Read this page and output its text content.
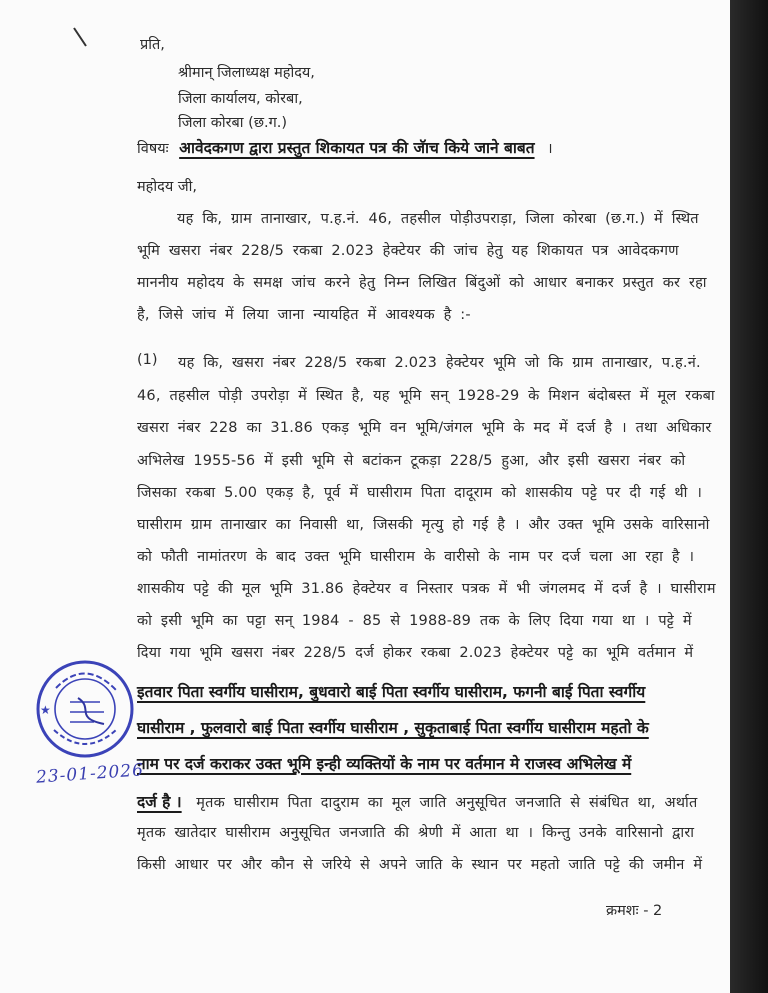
प्रति,
श्रीमान् जिलाध्यक्ष महोदय,
जिला कार्यालय, कोरबा,
जिला कोरबा (छ.ग.)
विषयः आवेदकगण द्वारा प्रस्तुत शिकायत पत्र की जॅाच किये जाने बाबत ।
महोदय जी,
यह कि, ग्राम तानाखार, प.ह.नं. 46, तहसील पोड़ीउपराड़ा, जिला कोरबा (छ.ग.) में स्थित
भूमि खसरा नंबर 228/5 रकबा 2.023 हेक्टेयर की जांच हेतु यह शिकायत पत्र आवेदकगण
माननीय महोदय के समक्ष जांच करने हेतु निम्न लिखित बिंदुओं को आधार बनाकर प्रस्तुत कर रहा
है, जिसे जांच में लिया जाना न्यायहित में आवश्यक है :-
(1) यह कि, खसरा नंबर 228/5 रकबा 2.023 हेक्टेयर भूमि जो कि ग्राम तानाखार, प.ह.नं.
46, तहसील पोड़ी उपरोड़ा में स्थित है, यह भूमि सन् 1928-29 के मिशन बंदोबस्त में मूल रकबा
खसरा नंबर 228 का 31.86 एकड़ भूमि वन भूमि/जंगल भूमि के मद में दर्ज है । तथा अधिकार
अभिलेख 1955-56 में इसी भूमि से बटांकन टूकड़ा 228/5 हुआ, और इसी खसरा नंबर को
जिसका रकबा 5.00 एकड़ है, पूर्व में घासीराम पिता दादूराम को शासकीय पट्टे पर दी गई थी ।
घासीराम ग्राम तानाखार का निवासी था, जिसकी मृत्यु हो गई है । और उक्त भूमि उसके वारिसानो
को फौती नामांतरण के बाद उक्त भूमि घासीराम के वारीसो के नाम पर दर्ज चला आ रहा है ।
शासकीय पट्टे की मूल भूमि 31.86 हेक्टेयर व निस्तार पत्रक में भी जंगलमद में दर्ज है । घासीराम
को इसी भूमि का पट्टा सन् 1984 - 85 से 1988-89 तक के लिए दिया गया था । पट्टे में
दिया गया भूमि खसरा नंबर 228/5 दर्ज होकर रकबा 2.023 हेक्टेयर पट्टे का भूमि वर्तमान में
इतवार पिता स्वर्गीय घासीराम, बुधवारो बाई पिता स्वर्गीय घासीराम, फगनी बाई पिता स्वर्गीय
घासीराम , फुलवारो बाई पिता स्वर्गीय घासीराम , सुकृताबाई पिता स्वर्गीय घासीराम महतो के
नाम पर दर्ज कराकर उक्त भूमि इन्ही व्यक्तियों के नाम पर वर्तमान मे राजस्व अभिलेख में
दर्ज है । मृतक घासीराम पिता दादुराम का मूल जाति अनुसूचित जनजाति से संबंधित था, अर्थात
मृतक खातेदार घासीराम अनुसूचित जनजाति की श्रेणी में आता था । किन्तु उनके वारिसानो द्वारा
किसी आधार पर और कौन से जरिये से अपने जाति के स्थान पर महतो जाति पट्टे की जमीन में
क्रमशः - 2
★
23-01-2026
